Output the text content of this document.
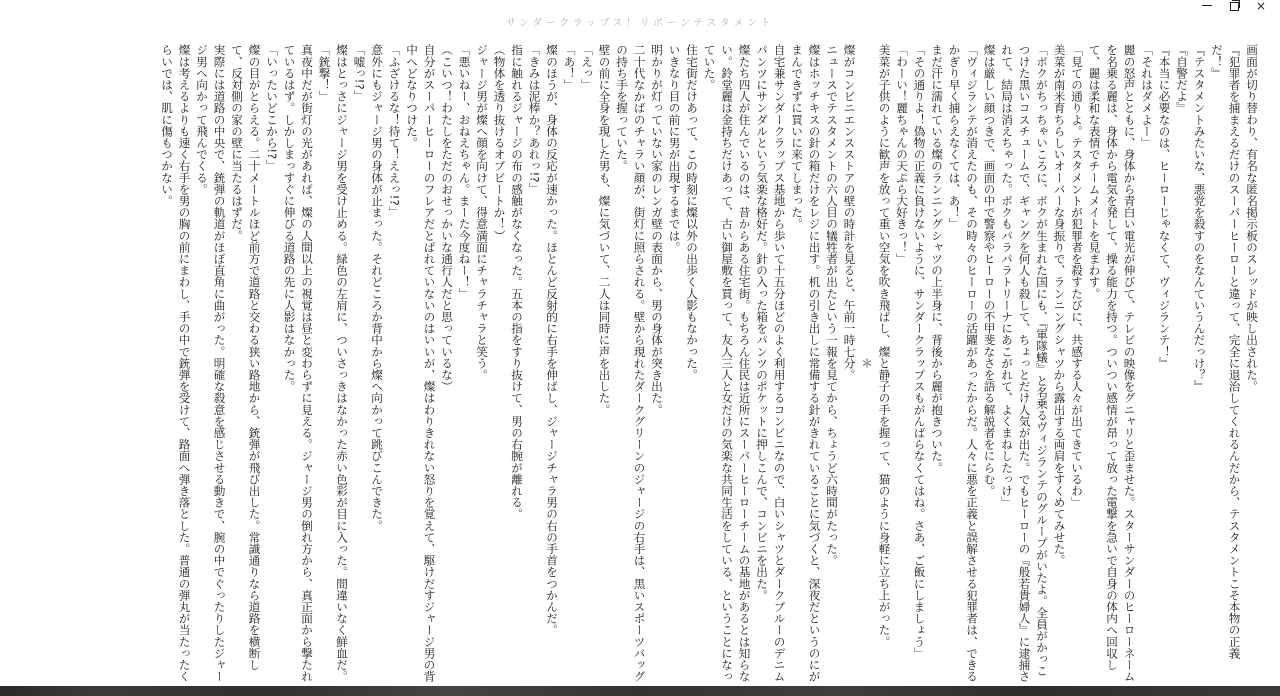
サンダークラップス！リボーンテスタメント
×

画面が切り替わり、有名な匿名掲示板のスレッドが映し出された。

『犯罪者を捕まえるだけのスーパーヒーローと違って、完全に退治してくれるんだから、テスタメントこそ本物の正義だ！』

『テスタメントみたいな、悪党を殺すのをなんていうんだっけ？』

『自警だよ』

『本当に必要なのは、ヒーローじゃなくて、ヴィジランテ！』

「それはダメよー」

麗の怒声とともに、身体から青白い電光が伸びて、テレビの映像をグニャリと歪ませた。スターサンダーのヒーローネームを名乗る麗は、身体から電気を発して、操る能力を持つ。ついつい感情が昂って放った電撃を急いで自身の体内へ回収して、麗は柔和な表情でチームメイトを見まわす。

「見ての通りよ。テスタメントが犯罪者を殺すたびに、共感する人々が出てきているわ」

美菜が南米育ちらしいオーバーな身振りで、ランニングシャツから露出する両肩をすくめてみせた。

「ボクがちっちゃいころに、ボクが生まれた国にも、『軍隊蟻』と名乗るヴィジランテのグループがいたよ。全員がかっこつけた黒いコスチュームで、ギャングを何人も殺して、ちょっとだけ人気が出た。でもヒーローの『般若貴婦人』に逮捕されて、結局は消えちゃった。ボクもパラパラトリーナにあこがれて、よくまねしたっけ」

燦は厳しい顔つきで、画面の中で警察やヒーローの不甲斐なさを語る解説者をにらむ。

「ヴィジランテが消えたのも、その時々のヒーローの活躍があったからだ。人々に悪を正義と誤解させる犯罪者は、できるかぎり早く捕らえなくては、あ！」

まだ汗に濡れている燦のランニングシャツの上半身に、背後から麗が抱きついた。

「その通りよ！偽物の正義に負けないように、サンダークラップスもがんばらなくてはね。さあ、ご飯にしましょう」

「わーい！麗ちゃんの天ぷら大好きっ！」

美菜が子供のように歓声を放って重い空気を吹き飛ばし、燦と静子の手を握って、猫のように身軽に立ち上がった。

＊

燦がコンビニエンスストアの壁の時計を見ると、午前一時七分。

ニュースでテスタメントの六人目の犠牲者が出たという一報を見てから、ちょうど六時間がたった。

燦はホッチキスの針の箱だけをレジに出す。机の引き出しに常備する針がきれていることに気づくと、深夜だというのにがまんできずに買いに来てしまった。

自宅兼サンダークラップス基地から歩いて十五分ほどのよく利用するコンビニなので、白いシャツとダークブルーのデニムパンツにサンダルという気楽な格好だ。針の入った箱をパンツのポケットに押しこんで、コンビニを出た。

燦たち四人が住んでいるのは、昔からある住宅街。もちろん住民は近所にスーパーヒーローチームの基地があるとは知らない。鈴堂麗は金持ちだけあって、古い御屋敷を買って、友人三人と女だけの気楽な共同生活をしている、ということになっていた。

住宅街だけあって、この時刻に燦以外の出歩く人影もなかった。

いきなり目の前に男が出現するまでは。

明かりが灯っていない家のレンガ壁の表面から、男の身体が突き出た。

二十代なかばのチャラい顔が、街灯に照らされる。壁から現れたダークグリーンのジャージの右手は、黒いスポーツバッグの持ち手を握っていた。

壁の前に全身を現した男も、燦に気づいて、二人は同時に声を出した。

「えっ」

「あ！」

燦のほうが、身体の反応が速かった。ほとんど反射的に右手を伸ばし、ジャージチャラ男の右の手首をつかんだ。

「きみは泥棒か？あれっ!?」

指に触れるジャージの布の感触がなくなった。五本の指をすり抜けて、男の右腕が離れる。

（物体を透り抜けるオブビートか！）

ジャージ男が燦へ顔を向けて、得意満面にチャラチャラと笑う。

「悪いねー、おねえちゃん。まーた今度ねー！」

（こいつ！わたしをただのおせっかいな通行人だと思っているな）

自分がスーパーヒーローのフレアだとばれていないのはいいが、燦はわりきれない怒りを覚えて、駆けだすジャージ男の背中へどなりつけた。

「ふざけるな！待て！ええっ!?」

意外にもジャージ男の身体が止まった。それどころか背中から燦へ向かって跳びこんできた。

「嘘っ!?」

燦はとっさにジャージ男を受け止める。緑色の左肩に、ついさっきはなかった赤い色彩が目に入った。間違いなく鮮血だ。

「銃撃！」

真夜中だが街灯の光があれば、燦の人間以上の視覚は昼と変わらずに見える。ジャージ男の倒れ方から、真正面から撃たれているはず。しかしまっすぐに伸びる道路の先に人影はなかった。

「いったいどこから!?」

燦の目がとらえる。二十メートルほど前方で道路と交わる狭い路地から、銃弾が飛び出した。常識通りなら道路を横断して、反対側の家の壁に当たるはずだ。

実際には道路の中央で、銃弾の軌道がほぼ直角に曲がった。明確な殺意を感じさせる動きで、腕の中でぐったりしたジャージ男へ向かって飛んでくる。

燦は考えるよりも速く右手を男の胸の前にまわし、手の中で銃弾を受けて、路面へ弾き落とした。普通の弾丸が当たったくらいでは、肌に傷もつかない。
